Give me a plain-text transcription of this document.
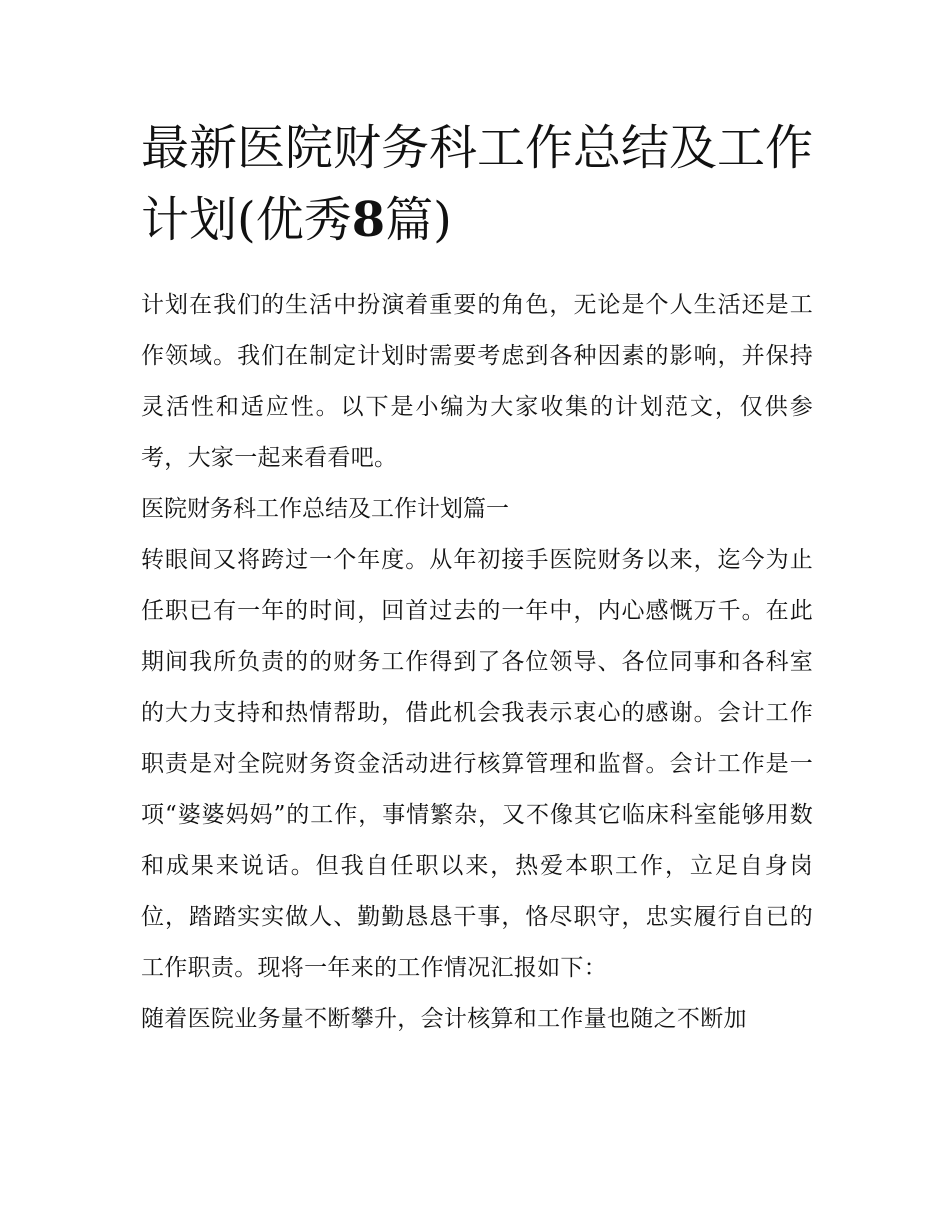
最新医院财务科工作总结及工作计划(优秀8篇)

计划在我们的生活中扮演着重要的角色，无论是个人生活还是工作领域。我们在制定计划时需要考虑到各种因素的影响，并保持灵活性和适应性。以下是小编为大家收集的计划范文，仅供参考，大家一起来看看吧。

医院财务科工作总结及工作计划篇一

转眼间又将跨过一个年度。从年初接手医院财务以来，迄今为止任职已有一年的时间，回首过去的一年中，内心感慨万千。在此期间我所负责的的财务工作得到了各位领导、各位同事和各科室的大力支持和热情帮助，借此机会我表示衷心的感谢。会计工作职责是对全院财务资金活动进行核算管理和监督。会计工作是一项“婆婆妈妈”的工作，事情繁杂，又不像其它临床科室能够用数和成果来说话。但我自任职以来，热爱本职工作，立足自身岗位，踏踏实实做人、勤勤恳恳干事，恪尽职守，忠实履行自已的工作职责。现将一年来的工作情况汇报如下：

随着医院业务量不断攀升，会计核算和工作量也随之不断加
